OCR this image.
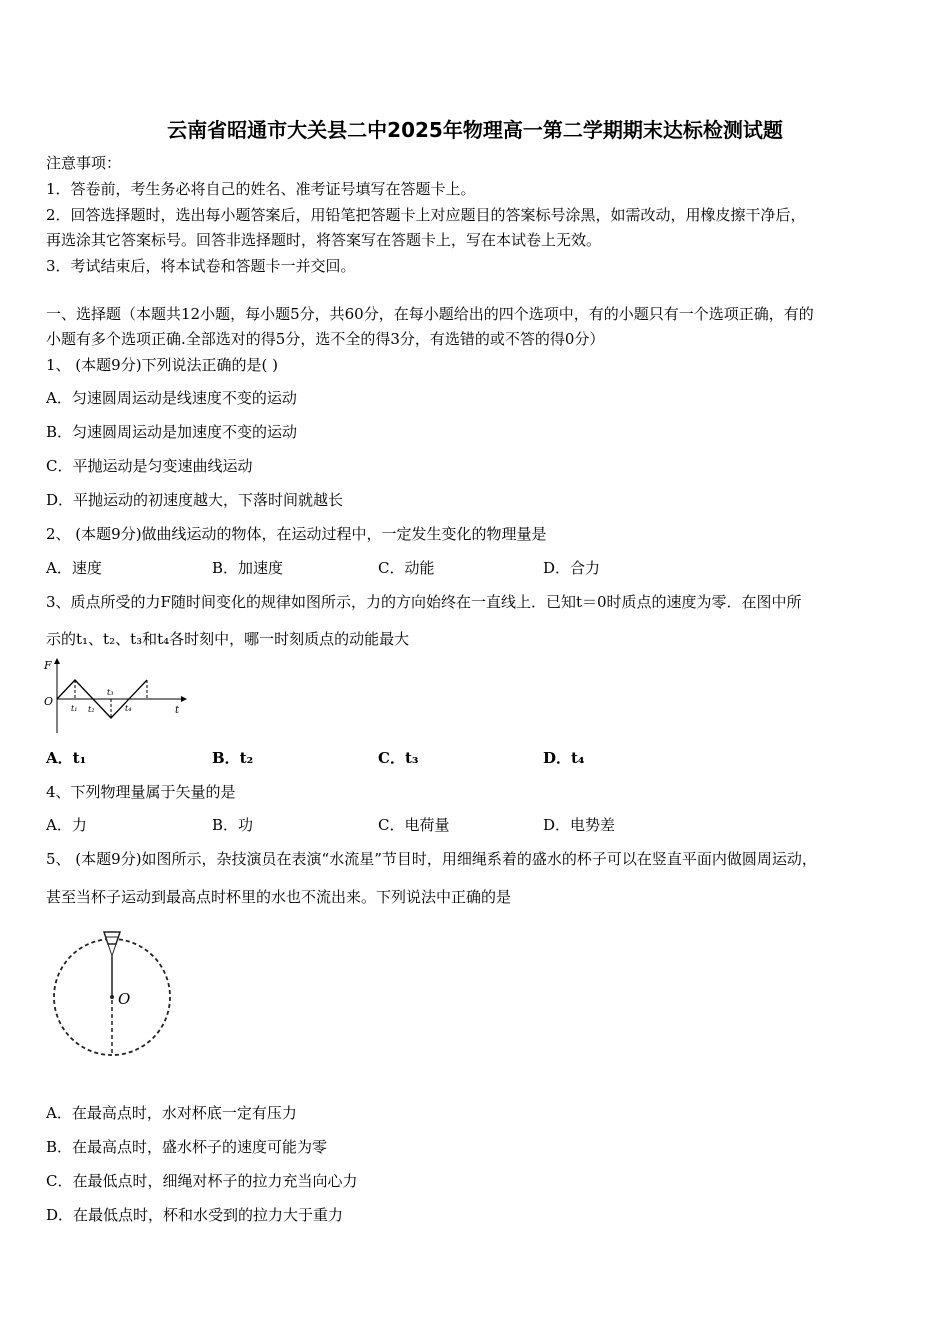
云南省昭通市大关县二中2025年物理高一第二学期期末达标检测试题
注意事项：
1．答卷前，考生务必将自己的姓名、准考证号填写在答题卡上。
2．回答选择题时，选出每小题答案后，用铅笔把答题卡上对应题目的答案标号涂黑，如需改动，用橡皮擦干净后，
再选涂其它答案标号。回答非选择题时，将答案写在答题卡上，写在本试卷上无效。
3．考试结束后，将本试卷和答题卡一并交回。
一、选择题（本题共12小题，每小题5分，共60分，在每小题给出的四个选项中，有的小题只有一个选项正确，有的
小题有多个选项正确.全部选对的得5分，选不全的得3分，有选错的或不答的得0分）
1、 (本题9分)下列说法正确的是( )
A．匀速圆周运动是线速度不变的运动
B．匀速圆周运动是加速度不变的运动
C．平抛运动是匀变速曲线运动
D．平抛运动的初速度越大，下落时间就越长
2、 (本题9分)做曲线运动的物体，在运动过程中，一定发生变化的物理量是
A．速度	B．加速度	C．动能	D．合力
3、质点所受的力F随时间变化的规律如图所示，力的方向始终在一直线上．已知t＝0时质点的速度为零．在图中所
示的t₁、t₂、t₃和t₄各时刻中，哪一时刻质点的动能最大
F
O
t
t₁ t₂
t₃
t₄
A．t₁	B．t₂	C．t₃	D．t₄
4、下列物理量属于矢量的是
A．力	B．功	C．电荷量	D．电势差
5、 (本题9分)如图所示，杂技演员在表演“水流星”节目时，用细绳系着的盛水的杯子可以在竖直平面内做圆周运动，
甚至当杯子运动到最高点时杯里的水也不流出来。下列说法中正确的是
O
A．在最高点时，水对杯底一定有压力
B．在最高点时，盛水杯子的速度可能为零
C．在最低点时，细绳对杯子的拉力充当向心力
D．在最低点时，杯和水受到的拉力大于重力
